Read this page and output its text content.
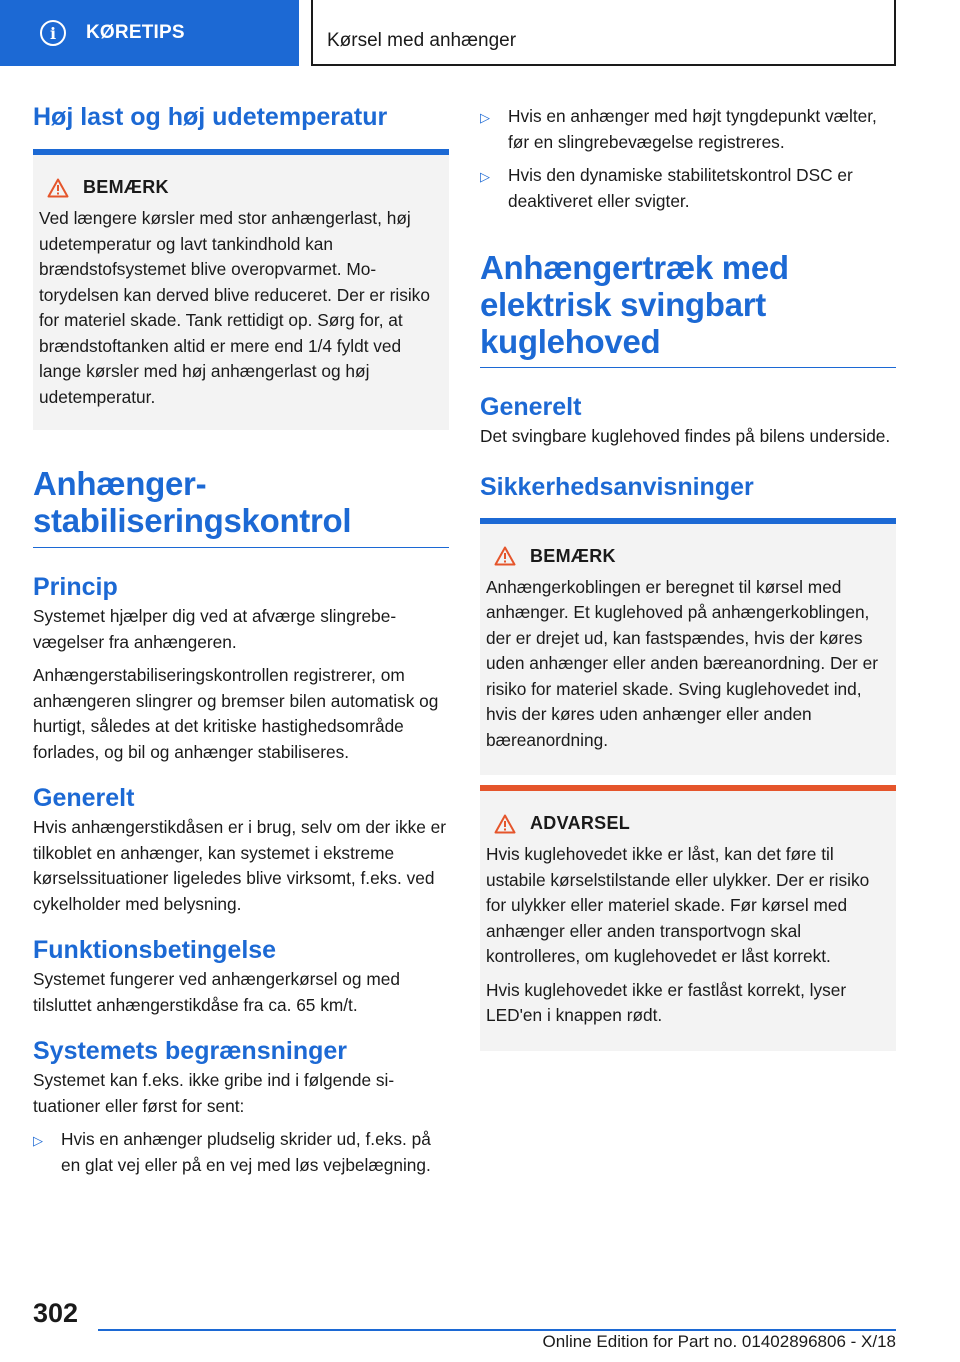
i	KØRETIPS	Kørsel med anhænger
Høj last og høj udetemperatur
BEMÆRK
Ved længere kørsler med stor anhængerlast, høj udetemperatur og lavt tankindhold kan brændstofsystemet blive overopvarmet. Motorydelsen kan derved blive reduceret. Der er risiko for materiel skade. Tank rettidigt op. Sørg for, at brændstoftanken altid er mere end 1/4 fyldt ved lange kørsler med høj anhængerlast og høj udetemperatur.
Anhænger‐
stabiliseringskontrol
Princip
Systemet hjælper dig ved at afværge slingrebevægelser fra anhængeren.
Anhængerstabiliseringskontrollen registrerer, om anhængeren slingrer og bremser bilen automatisk og hurtigt, således at det kritiske hastighedsområde forlades, og bil og anhænger stabiliseres.
Generelt
Hvis anhængerstikdåsen er i brug, selv om der ikke er tilkoblet en anhænger, kan systemet i ekstreme kørselssituationer ligeledes blive virksomt, f.eks. ved cykelholder med belysning.
Funktionsbetingelse
Systemet fungerer ved anhængerkørsel og med tilsluttet anhængerstikdåse fra ca. 65 km/t.
Systemets begrænsninger
Systemet kan f.eks. ikke gribe ind i følgende situationer eller først for sent:
▷	Hvis en anhænger pludselig skrider ud, f.eks. på en glat vej eller på en vej med løs vejbelægning.
▷	Hvis en anhænger med højt tyngdepunkt vælter, før en slingrebevægelse registreres.
▷	Hvis den dynamiske stabilitetskontrol DSC er deaktiveret eller svigter.
Anhængertræk med
elektrisk svingbart
kuglehoved
Generelt
Det svingbare kuglehoved findes på bilens underside.
Sikkerhedsanvisninger
BEMÆRK
Anhængerkoblingen er beregnet til kørsel med anhænger. Et kuglehoved på anhængerkoblingen, der er drejet ud, kan fastspændes, hvis der køres uden anhænger eller anden bæreanordning. Der er risiko for materiel skade. Sving kuglehovedet ind, hvis der køres uden anhænger eller anden bæreanordning.
ADVARSEL
Hvis kuglehovedet ikke er låst, kan det føre til ustabile kørselstilstande eller ulykker. Der er risiko for ulykker eller materiel skade. Før kørsel med anhænger eller anden transportvogn skal kontrolleres, om kuglehovedet er låst korrekt.
Hvis kuglehovedet ikke er fastlåst korrekt, lyser LED'en i knappen rødt.
302
Online Edition for Part no. 01402896806 - X/18
